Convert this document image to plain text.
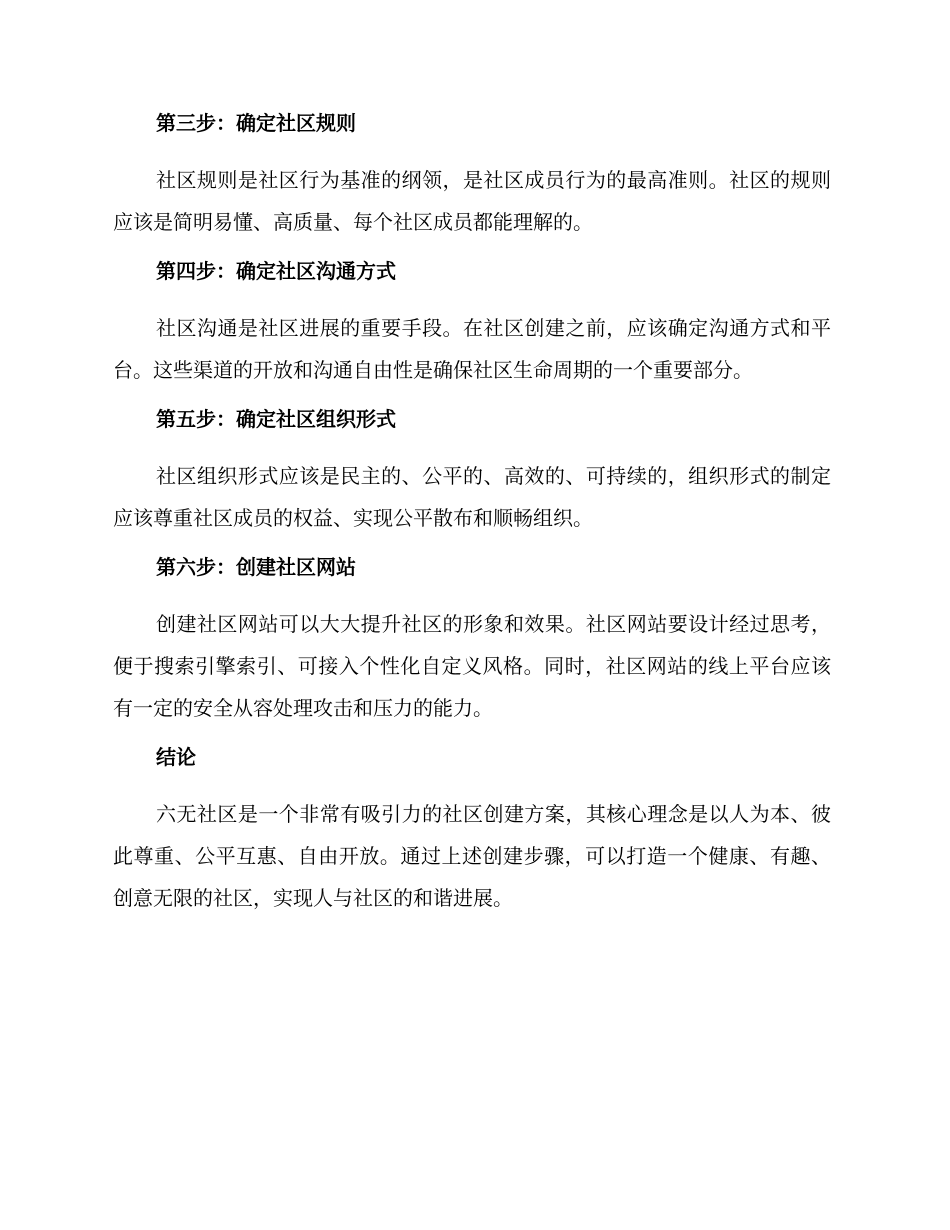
第三步：确定社区规则

社区规则是社区行为基准的纲领，是社区成员行为的最高准则。社区的规则应该是简明易懂、高质量、每个社区成员都能理解的。

第四步：确定社区沟通方式

社区沟通是社区进展的重要手段。在社区创建之前，应该确定沟通方式和平台。这些渠道的开放和沟通自由性是确保社区生命周期的一个重要部分。

第五步：确定社区组织形式

社区组织形式应该是民主的、公平的、高效的、可持续的，组织形式的制定应该尊重社区成员的权益、实现公平散布和顺畅组织。

第六步：创建社区网站

创建社区网站可以大大提升社区的形象和效果。社区网站要设计经过思考，便于搜索引擎索引、可接入个性化自定义风格。同时，社区网站的线上平台应该有一定的安全从容处理攻击和压力的能力。

结论

六无社区是一个非常有吸引力的社区创建方案，其核心理念是以人为本、彼此尊重、公平互惠、自由开放。通过上述创建步骤，可以打造一个健康、有趣、创意无限的社区，实现人与社区的和谐进展。
